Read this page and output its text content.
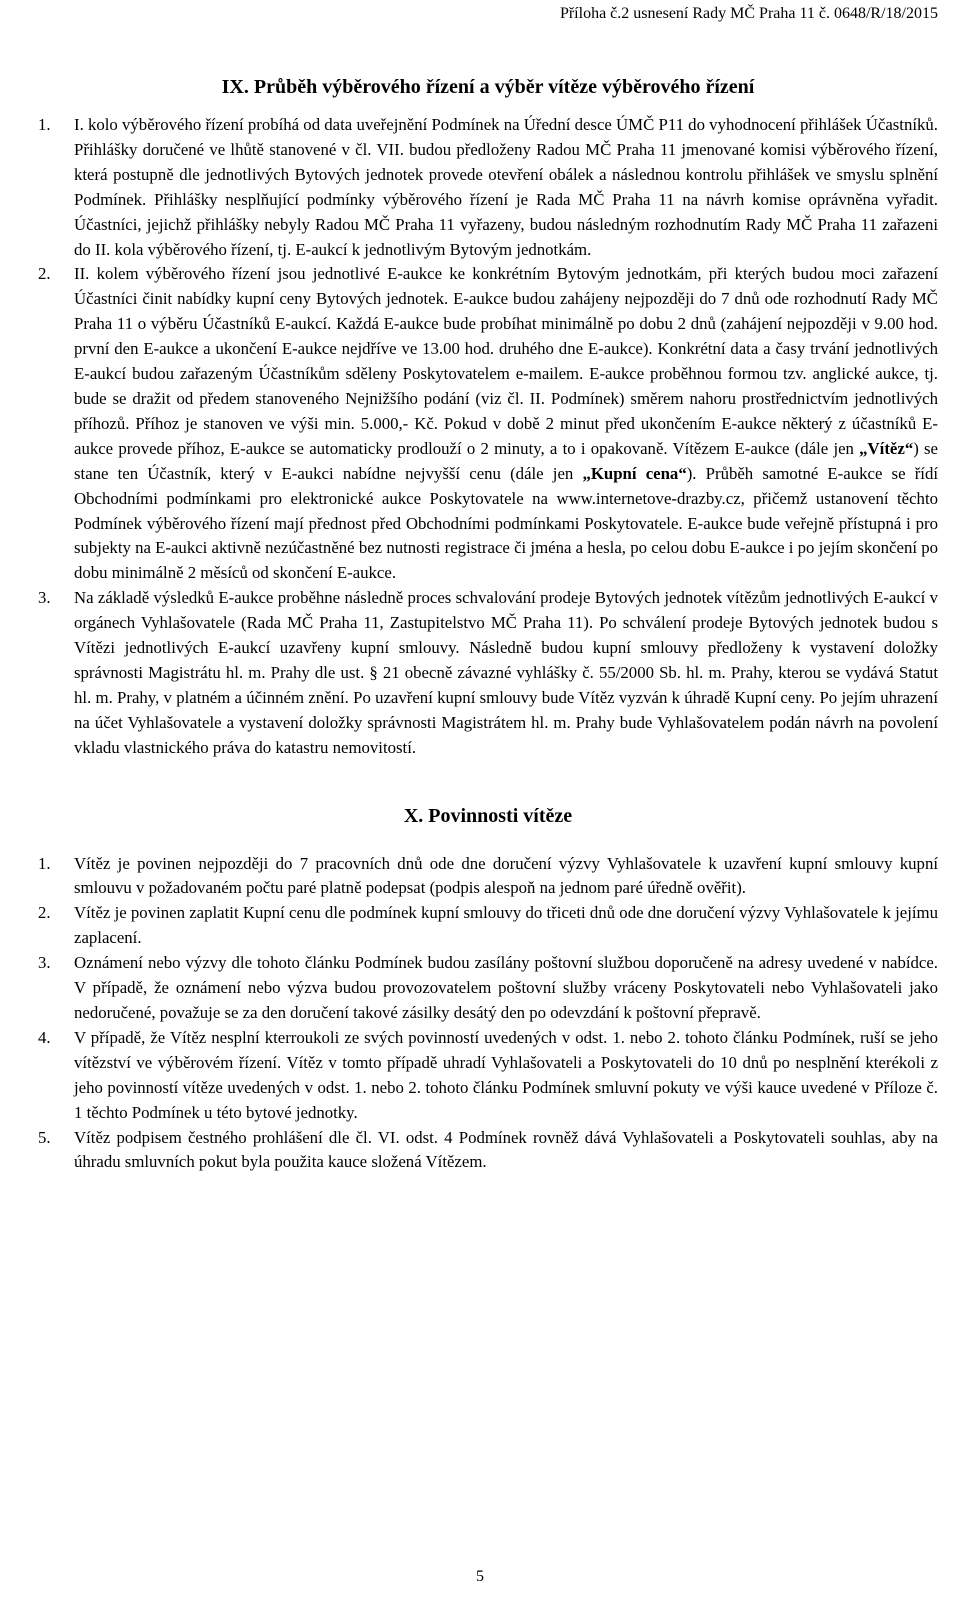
Příloha č.2 usnesení Rady MČ Praha 11 č. 0648/R/18/2015
IX. Průběh výběrového řízení a výběr vítěze výběrového řízení
1. I. kolo výběrového řízení probíhá od data uveřejnění Podmínek na Úřední desce ÚMČ P11 do vyhodnocení přihlášek Účastníků. Přihlášky doručené ve lhůtě stanovené v čl. VII. budou předloženy Radou MČ Praha 11 jmenované komisi výběrového řízení, která postupně dle jednotlivých Bytových jednotek provede otevření obálek a následnou kontrolu přihlášek ve smyslu splnění Podmínek. Přihlášky nesplňující podmínky výběrového řízení je Rada MČ Praha 11 na návrh komise oprávněna vyřadit. Účastníci, jejichž přihlášky nebyly Radou MČ Praha 11 vyřazeny, budou následným rozhodnutím Rady MČ Praha 11 zařazeni do II. kola výběrového řízení, tj. E-aukcí k jednotlivým Bytovým jednotkám.
2. II. kolem výběrového řízení jsou jednotlivé E-aukce ke konkrétním Bytovým jednotkám, při kterých budou moci zařazení Účastníci činit nabídky kupní ceny Bytových jednotek. E-aukce budou zahájeny nejpozději do 7 dnů ode rozhodnutí Rady MČ Praha 11 o výběru Účastníků E-aukcí. Každá E-aukce bude probíhat minimálně po dobu 2 dnů (zahájení nejpozději v 9.00 hod. první den E-aukce a ukončení E-aukce nejdříve ve 13.00 hod. druhého dne E-aukce). Konkrétní data a časy trvání jednotlivých E-aukcí budou zařazeným Účastníkům sděleny Poskytovatelem e-mailem. E-aukce proběhnou formou tzv. anglické aukce, tj. bude se dražit od předem stanoveného Nejnižšího podání (viz čl. II. Podmínek) směrem nahoru prostřednictvím jednotlivých příhozů. Příhoz je stanoven ve výši min. 5.000,- Kč. Pokud v době 2 minut před ukončením E-aukce některý z účastníků E-aukce provede příhoz, E-aukce se automaticky prodlouží o 2 minuty, a to i opakovaně. Vítězem E-aukce (dále jen „Vítěz“) se stane ten Účastník, který v E-aukci nabídne nejvyšší cenu (dále jen „Kupní cena“). Průběh samotné E-aukce se řídí Obchodními podmínkami pro elektronické aukce Poskytovatele na www.internetove-drazby.cz, přičemž ustanovení těchto Podmínek výběrového řízení mají přednost před Obchodními podmínkami Poskytovatele. E-aukce bude veřejně přístupná i pro subjekty na E-aukci aktivně nezúčastněné bez nutnosti registrace či jména a hesla, po celou dobu E-aukce i po jejím skončení po dobu minimálně 2 měsíců od skončení E-aukce.
3. Na základě výsledků E-aukce proběhne následně proces schvalování prodeje Bytových jednotek vítězům jednotlivých E-aukcí v orgánech Vyhlašovatele (Rada MČ Praha 11, Zastupitelstvo MČ Praha 11). Po schválení prodeje Bytových jednotek budou s Vítězi jednotlivých E-aukcí uzavřeny kupní smlouvy. Následně budou kupní smlouvy předloženy k vystavení doložky správnosti Magistrátu hl. m. Prahy dle ust. § 21 obecně závazné vyhlášky č. 55/2000 Sb. hl. m. Prahy, kterou se vydává Statut hl. m. Prahy, v platném a účinném znění. Po uzavření kupní smlouvy bude Vítěz vyzván k úhradě Kupní ceny. Po jejím uhrazení na účet Vyhlašovatele a vystavení doložky správnosti Magistrátem hl. m. Prahy bude Vyhlašovatelem podán návrh na povolení vkladu vlastnického práva do katastru nemovitostí.
X. Povinnosti vítěze
1. Vítěz je povinen nejpozději do 7 pracovních dnů ode dne doručení výzvy Vyhlašovatele k uzavření kupní smlouvy kupní smlouvu v požadovaném počtu paré platně podepsat (podpis alespoň na jednom paré úředně ověřit).
2. Vítěz je povinen zaplatit Kupní cenu dle podmínek kupní smlouvy do třiceti dnů ode dne doručení výzvy Vyhlašovatele k jejímu zaplacení.
3. Oznámení nebo výzvy dle tohoto článku Podmínek budou zasílány poštovní službou doporučeně na adresy uvedené v nabídce. V případě, že oznámení nebo výzva budou provozovatelem poštovní služby vráceny Poskytovateli nebo Vyhlašovateli jako nedoručené, považuje se za den doručení takové zásilky desátý den po odevzdání k poštovní přepravě.
4. V případě, že Vítěz nesplní kterroukoli ze svých povinností uvedených v odst. 1. nebo 2. tohoto článku Podmínek, ruší se jeho vítězství ve výběrovém řízení. Vítěz v tomto případě uhradí Vyhlašovateli a Poskytovateli do 10 dnů po nesplnění kterékoli z jeho povinností vítěze uvedených v odst. 1. nebo 2. tohoto článku Podmínek smluvní pokuty ve výši kauce uvedené v Příloze č. 1 těchto Podmínek u této bytové jednotky.
5. Vítěz podpisem čestného prohlášení dle čl. VI. odst. 4 Podmínek rovněž dává Vyhlašovateli a Poskytovateli souhlas, aby na úhradu smluvních pokut byla použita kauce složená Vítězem.
5
